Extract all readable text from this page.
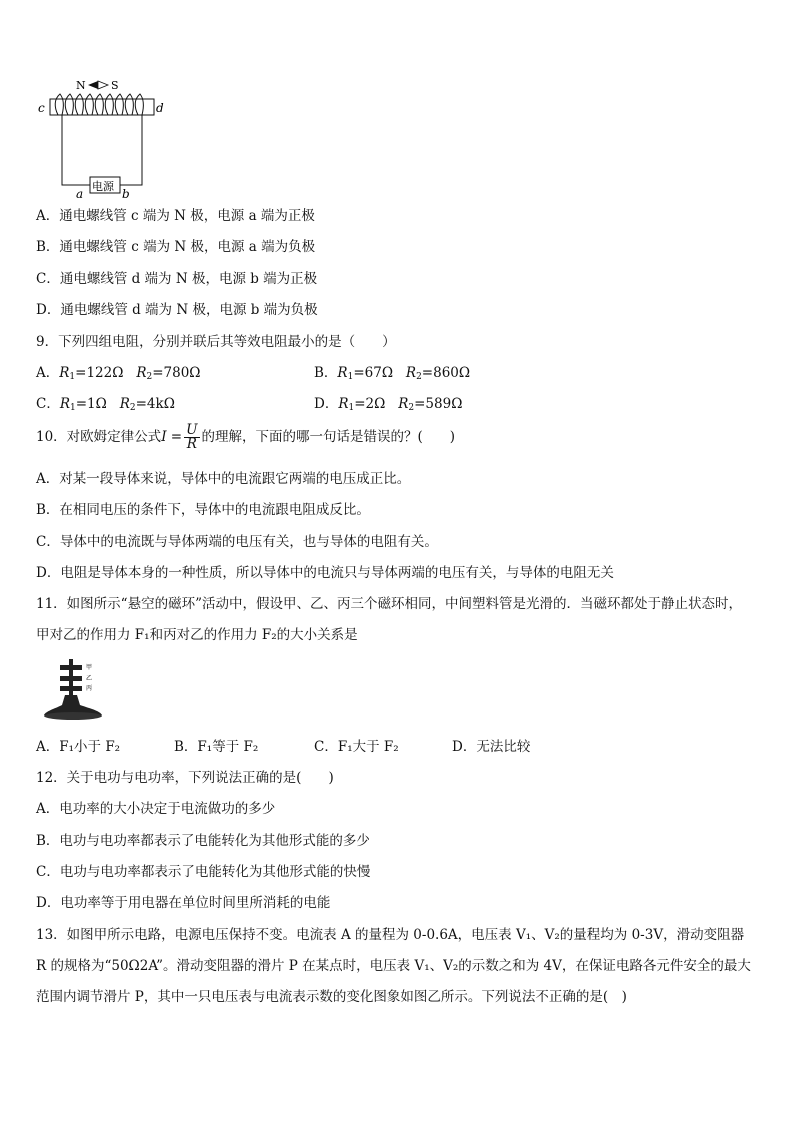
N S
c	d
电源
a	b
A．通电螺线管 c 端为 N 极，电源 a 端为正极
B．通电螺线管 c 端为 N 极，电源 a 端为负极
C．通电螺线管 d 端为 N 极，电源 b 端为正极
D．通电螺线管 d 端为 N 极，电源 b 端为负极
9．下列四组电阻，分别并联后其等效电阻最小的是（　　）
A．$R_1=122\Omega$ $R_2=780\Omega$	B．$R_1=67\Omega$ $R_2=860\Omega$
C．$R_1=1\Omega$ $R_2=4k\Omega$	D．$R_1=2\Omega$ $R_2=589\Omega$
10．对欧姆定律公式$I = \frac{U}{R}$ 的理解，下面的哪一句话是错误的？(　　)
A．对某一段导体来说，导体中的电流跟它两端的电压成正比。
B．在相同电压的条件下，导体中的电流跟电阻成反比。
C．导体中的电流既与导体两端的电压有关，也与导体的电阻有关。
D．电阻是导体本身的一种性质，所以导体中的电流只与导体两端的电压有关，与导体的电阻无关
11．如图所示“悬空的磁环”活动中，假设甲、乙、丙三个磁环相同，中间塑料管是光滑的．当磁环都处于静止状态时，
甲对乙的作用力 F₁和丙对乙的作用力 F₂的大小关系是
甲
乙
丙
A．F₁小于 F₂	B．F₁等于 F₂	C．F₁大于 F₂	D．无法比较
12．关于电功与电功率，下列说法正确的是(　　)
A．电功率的大小决定于电流做功的多少
B．电功与电功率都表示了电能转化为其他形式能的多少
C．电功与电功率都表示了电能转化为其他形式能的快慢
D．电功率等于用电器在单位时间里所消耗的电能
13．如图甲所示电路，电源电压保持不变。电流表 A 的量程为 0-0.6A，电压表 V₁、V₂的量程均为 0-3V，滑动变阻器
R 的规格为“50Ω2A”。滑动变阻器的滑片 P 在某点时，电压表 V₁、V₂的示数之和为 4V，在保证电路各元件安全的最大
范围内调节滑片 P，其中一只电压表与电流表示数的变化图象如图乙所示。下列说法不正确的是(　)
